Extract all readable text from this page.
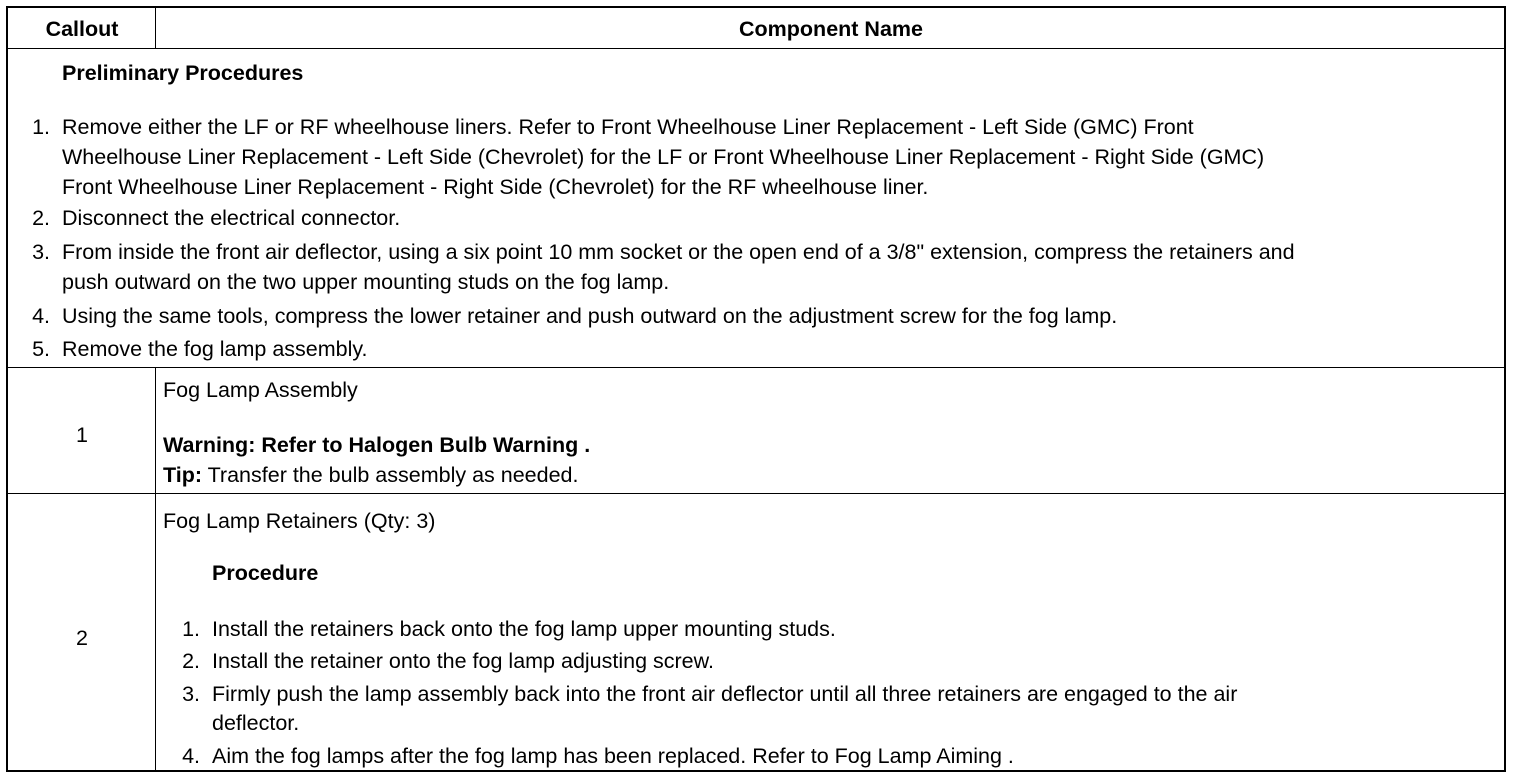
Callout	Component Name
Preliminary Procedures
1. Remove either the LF or RF wheelhouse liners. Refer to Front Wheelhouse Liner Replacement - Left Side (GMC) Front
Wheelhouse Liner Replacement - Left Side (Chevrolet) for the LF or Front Wheelhouse Liner Replacement - Right Side (GMC)
Front Wheelhouse Liner Replacement - Right Side (Chevrolet) for the RF wheelhouse liner.
2. Disconnect the electrical connector.
3. From inside the front air deflector, using a six point 10 mm socket or the open end of a 3/8" extension, compress the retainers and
push outward on the two upper mounting studs on the fog lamp.
4. Using the same tools, compress the lower retainer and push outward on the adjustment screw for the fog lamp.
5. Remove the fog lamp assembly.
1
Fog Lamp Assembly
Warning: Refer to Halogen Bulb Warning .
Tip: Transfer the bulb assembly as needed.
2
Fog Lamp Retainers (Qty: 3)
Procedure
1. Install the retainers back onto the fog lamp upper mounting studs.
2. Install the retainer onto the fog lamp adjusting screw.
3. Firmly push the lamp assembly back into the front air deflector until all three retainers are engaged to the air
deflector.
4. Aim the fog lamps after the fog lamp has been replaced. Refer to Fog Lamp Aiming .
